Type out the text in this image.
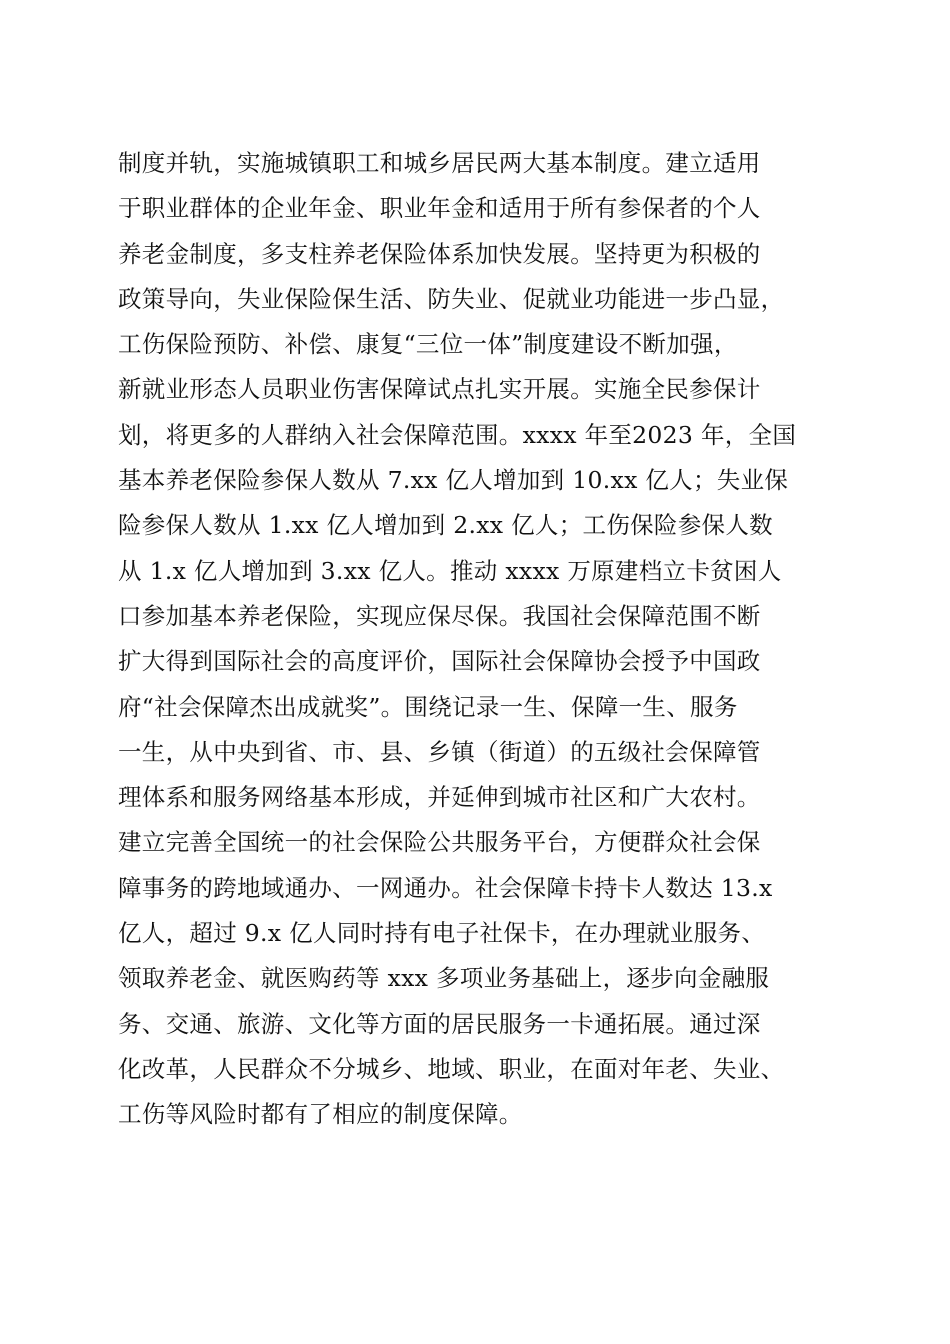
制度并轨，实施城镇职工和城乡居民两大基本制度。建立适用
于职业群体的企业年金、职业年金和适用于所有参保者的个人
养老金制度，多支柱养老保险体系加快发展。坚持更为积极的
政策导向，失业保险保生活、防失业、促就业功能进一步凸显，
工伤保险预防、补偿、康复“三位一体”制度建设不断加强，
新就业形态人员职业伤害保障试点扎实开展。实施全民参保计
划，将更多的人群纳入社会保障范围。xxxx 年至2023 年，全国
基本养老保险参保人数从 7.xx 亿人增加到 10.xx 亿人；失业保
险参保人数从 1.xx 亿人增加到 2.xx 亿人；工伤保险参保人数
从 1.x 亿人增加到 3.xx 亿人。推动 xxxx 万原建档立卡贫困人
口参加基本养老保险，实现应保尽保。我国社会保障范围不断
扩大得到国际社会的高度评价，国际社会保障协会授予中国政
府“社会保障杰出成就奖”。围绕记录一生、保障一生、服务
一生，从中央到省、市、县、乡镇（街道）的五级社会保障管
理体系和服务网络基本形成，并延伸到城市社区和广大农村。
建立完善全国统一的社会保险公共服务平台，方便群众社会保
障事务的跨地域通办、一网通办。社会保障卡持卡人数达 13.x
亿人，超过 9.x 亿人同时持有电子社保卡，在办理就业服务、
领取养老金、就医购药等 xxx 多项业务基础上，逐步向金融服
务、交通、旅游、文化等方面的居民服务一卡通拓展。通过深
化改革，人民群众不分城乡、地域、职业，在面对年老、失业、
工伤等风险时都有了相应的制度保障。
